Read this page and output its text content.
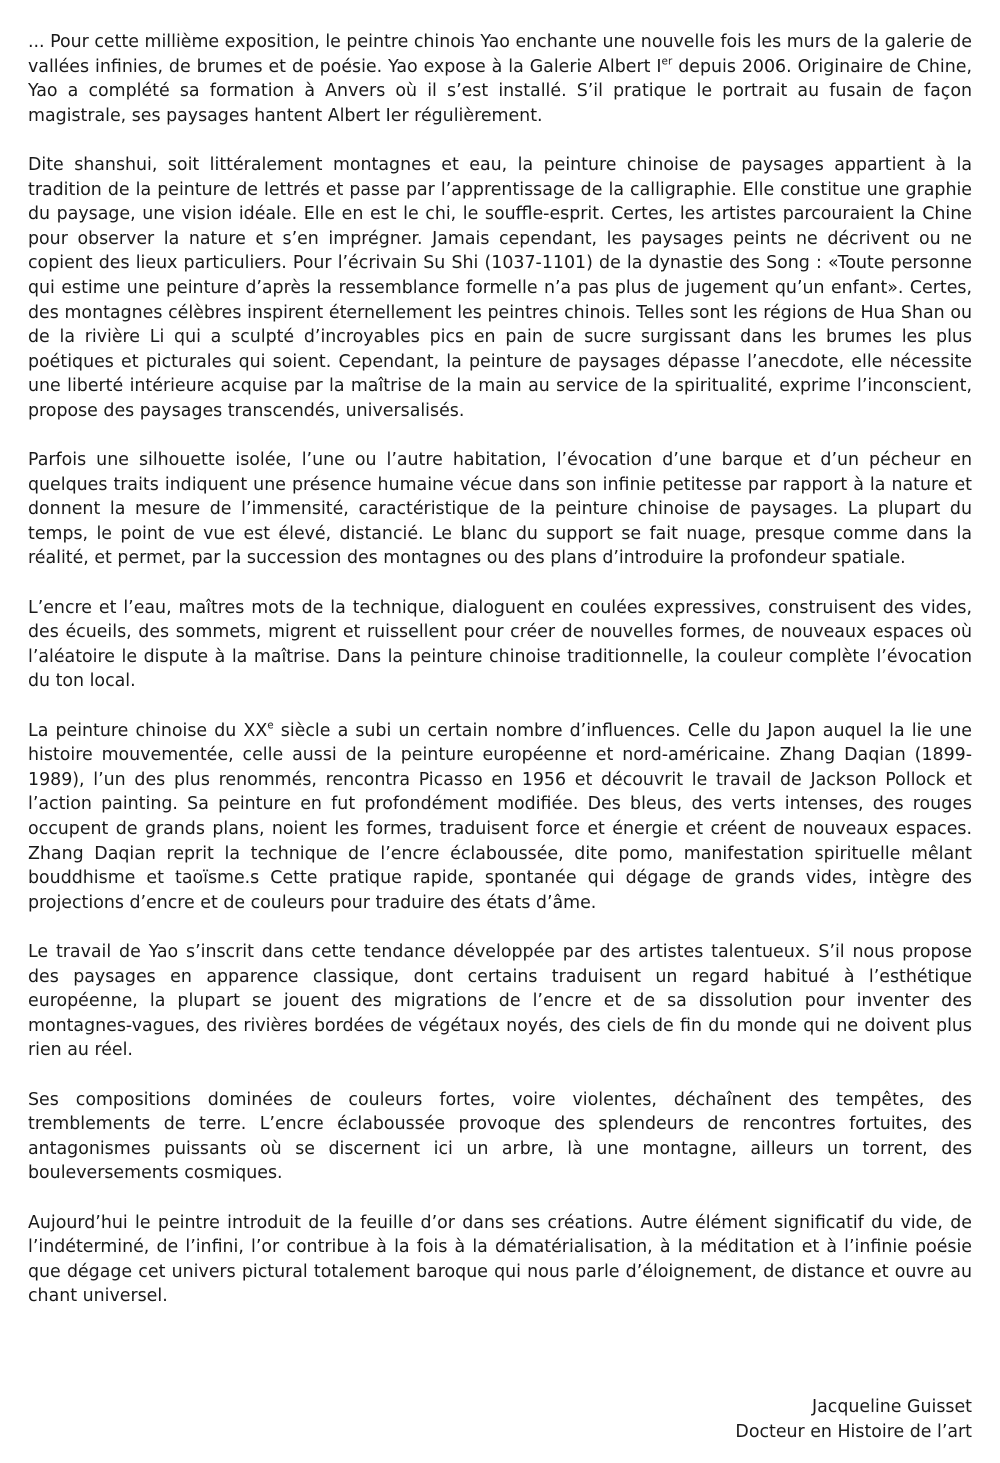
... Pour cette millième exposition, le peintre chinois Yao enchante une nouvelle fois les murs de la galerie de vallées infinies, de brumes et de poésie. Yao expose à la Galerie Albert Ier depuis 2006. Originaire de Chine, Yao a complété sa formation à Anvers où il s’est installé. S’il pratique le portrait au fusain de façon magistrale, ses paysages hantent Albert Ier régulièrement.

Dite shanshui, soit littéralement montagnes et eau, la peinture chinoise de paysages appartient à la tradition de la peinture de lettrés et passe par l’apprentissage de la calligraphie. Elle constitue une graphie du paysage, une vision idéale. Elle en est le chi, le souffle-esprit. Certes, les artistes parcouraient la Chine pour observer la nature et s’en imprégner. Jamais cependant, les paysages peints ne décrivent ou ne copient des lieux particuliers. Pour l’écrivain Su Shi (1037-1101) de la dynastie des Song : «Toute personne qui estime une peinture d’après la ressemblance formelle n’a pas plus de jugement qu’un enfant». Certes, des montagnes célèbres inspirent éternellement les peintres chinois. Telles sont les régions de Hua Shan ou de la rivière Li qui a sculpté d’incroyables pics en pain de sucre surgissant dans les brumes les plus poétiques et picturales qui soient. Cependant, la peinture de paysages dépasse l’anecdote, elle nécessite une liberté intérieure acquise par la maîtrise de la main au service de la spiritualité, exprime l’inconscient, propose des paysages transcendés, universalisés.

Parfois une silhouette isolée, l’une ou l’autre habitation, l’évocation d’une barque et d’un pécheur en quelques traits indiquent une présence humaine vécue dans son infinie petitesse par rapport à la nature et donnent la mesure de l’immensité, caractéristique de la peinture chinoise de paysages. La plupart du temps, le point de vue est élevé, distancié. Le blanc du support se fait nuage, presque comme dans la réalité, et permet, par la succession des montagnes ou des plans d’introduire la profondeur spatiale.

L’encre et l’eau, maîtres mots de la technique, dialoguent en coulées expressives, construisent des vides, des écueils, des sommets, migrent et ruissellent pour créer de nouvelles formes, de nouveaux espaces où l’aléatoire le dispute à la maîtrise. Dans la peinture chinoise traditionnelle, la couleur complète l’évocation du ton local.

La peinture chinoise du XXe siècle a subi un certain nombre d’influences. Celle du Japon auquel la lie une histoire mouvementée, celle aussi de la peinture européenne et nord-américaine. Zhang Daqian (1899-1989), l’un des plus renommés, rencontra Picasso en 1956 et découvrit le travail de Jackson Pollock et l’action painting. Sa peinture en fut profondément modifiée. Des bleus, des verts intenses, des rouges occupent de grands plans, noient les formes, traduisent force et énergie et créent de nouveaux espaces. Zhang Daqian reprit la technique de l’encre éclaboussée, dite pomo, manifestation spirituelle mêlant bouddhisme et taoïsme.s Cette pratique rapide, spontanée qui dégage de grands vides, intègre des projections d’encre et de couleurs pour traduire des états d’âme.

Le travail de Yao s’inscrit dans cette tendance développée par des artistes talentueux. S’il nous propose des paysages en apparence classique, dont certains traduisent un regard habitué à l’esthétique européenne, la plupart se jouent des migrations de l’encre et de sa dissolution pour inventer des montagnes-vagues, des rivières bordées de végétaux noyés, des ciels de fin du monde qui ne doivent plus rien au réel.

Ses compositions dominées de couleurs fortes, voire violentes, déchaînent des tempêtes, des tremblements de terre. L’encre éclaboussée provoque des splendeurs de rencontres fortuites, des antagonismes puissants où se discernent ici un arbre, là une montagne, ailleurs un torrent, des bouleversements cosmiques.

Aujourd’hui le peintre introduit de la feuille d’or dans ses créations. Autre élément significatif du vide, de l’indéterminé, de l’infini, l’or contribue à la fois à la dématérialisation, à la méditation et à l’infinie poésie que dégage cet univers pictural totalement baroque qui nous parle d’éloignement, de distance et ouvre au chant universel.

Jacqueline Guisset
Docteur en Histoire de l’art
